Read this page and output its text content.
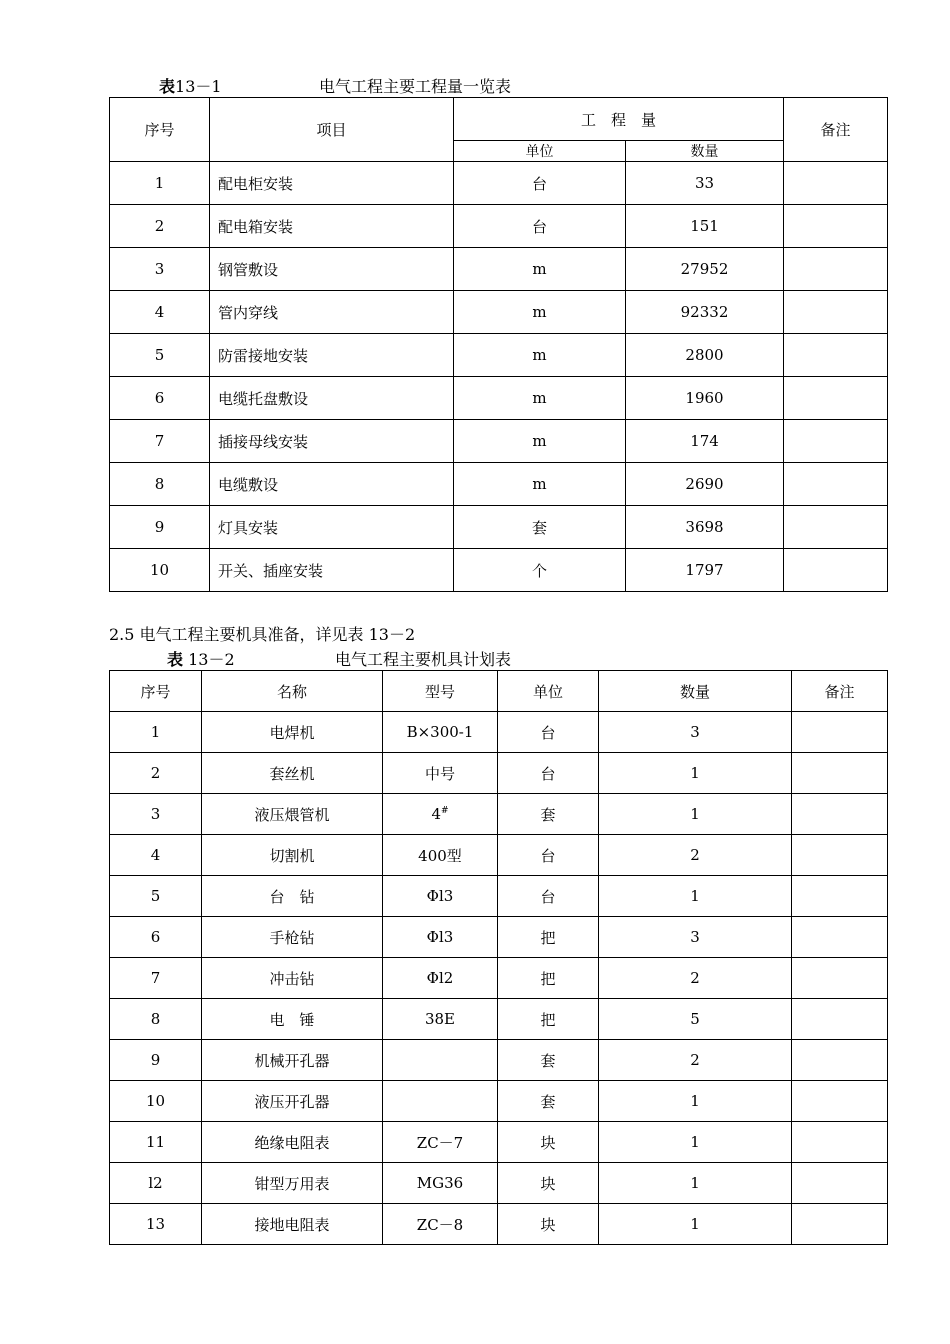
表13－1	电气工程主要工程量一览表
序号	项目	工　程　量		备注
		单位	数量	
1	配电柜安装	台	33	
2	配电箱安装	台	151	
3	钢管敷设	m	27952	
4	管内穿线	m	92332	
5	防雷接地安装	m	2800	
6	电缆托盘敷设	m	1960	
7	插接母线安装	m	174	
8	电缆敷设	m	2690	
9	灯具安装	套	3698	
10	开关、插座安装	个	1797	
2.5 电气工程主要机具准备，详见表 13－2
表 13－2	电气工程主要机具计划表
序号	名称	型号	单位	数量	备注
1	电焊机	B×300-1	台	3	
2	套丝机	中号	台	1	
3	液压煨管机	4#	套	1	
4	切割机	400型	台	2	
5	台　钻	Φl3	台	1	
6	手枪钻	Φl3	把	3	
7	冲击钻	Φl2	把	2	
8	电　锤	38E	把	5	
9	机械开孔器		套	2	
10	液压开孔器		套	1	
11	绝缘电阻表	ZC－7	块	1	
l2	钳型万用表	MG36	块	1	
13	接地电阻表	ZC－8	块	1	
